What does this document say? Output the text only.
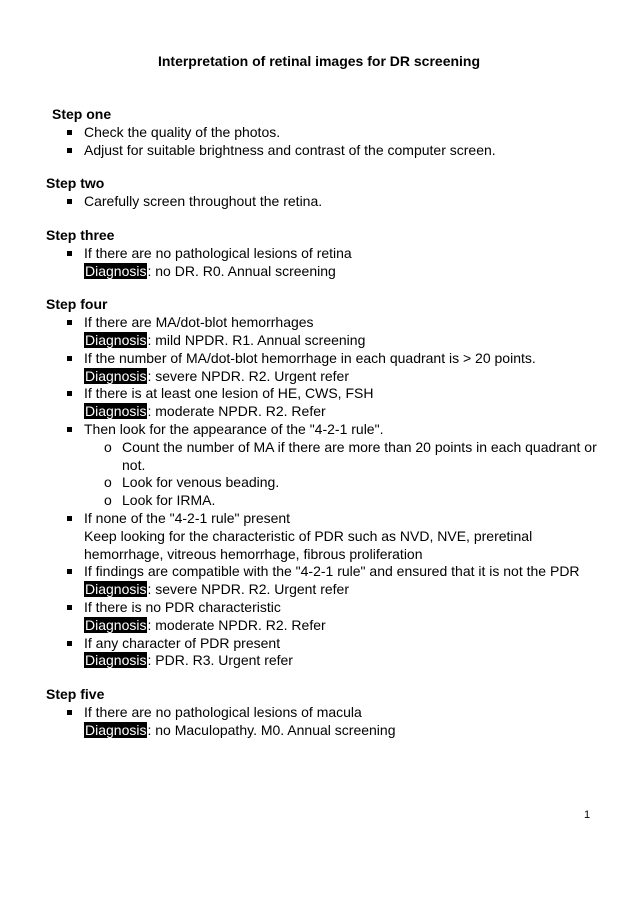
Interpretation of retinal images for DR screening
Step one
Check the quality of the photos.
Adjust for suitable brightness and contrast of the computer screen.
Step two
Carefully screen throughout the retina.
Step three
If there are no pathological lesions of retina
Diagnosis: no DR. R0. Annual screening
Step four
If there are MA/dot-blot hemorrhages
Diagnosis: mild NPDR. R1. Annual screening
If the number of MA/dot-blot hemorrhage in each quadrant is > 20 points.
Diagnosis: severe NPDR. R2. Urgent refer
If there is at least one lesion of HE, CWS, FSH
Diagnosis: moderate NPDR. R2. Refer
Then look for the appearance of the "4-2-1 rule".
o Count the number of MA if there are more than 20 points in each quadrant or not.
o Look for venous beading.
o Look for IRMA.
If none of the "4-2-1 rule" present
Keep looking for the characteristic of PDR such as NVD, NVE, preretinal hemorrhage, vitreous hemorrhage, fibrous proliferation
If findings are compatible with the "4-2-1 rule" and ensured that it is not the PDR
Diagnosis: severe NPDR. R2. Urgent refer
If there is no PDR characteristic
Diagnosis: moderate NPDR. R2. Refer
If any character of PDR present
Diagnosis: PDR. R3. Urgent refer
Step five
If there are no pathological lesions of macula
Diagnosis: no Maculopathy. M0. Annual screening
1
